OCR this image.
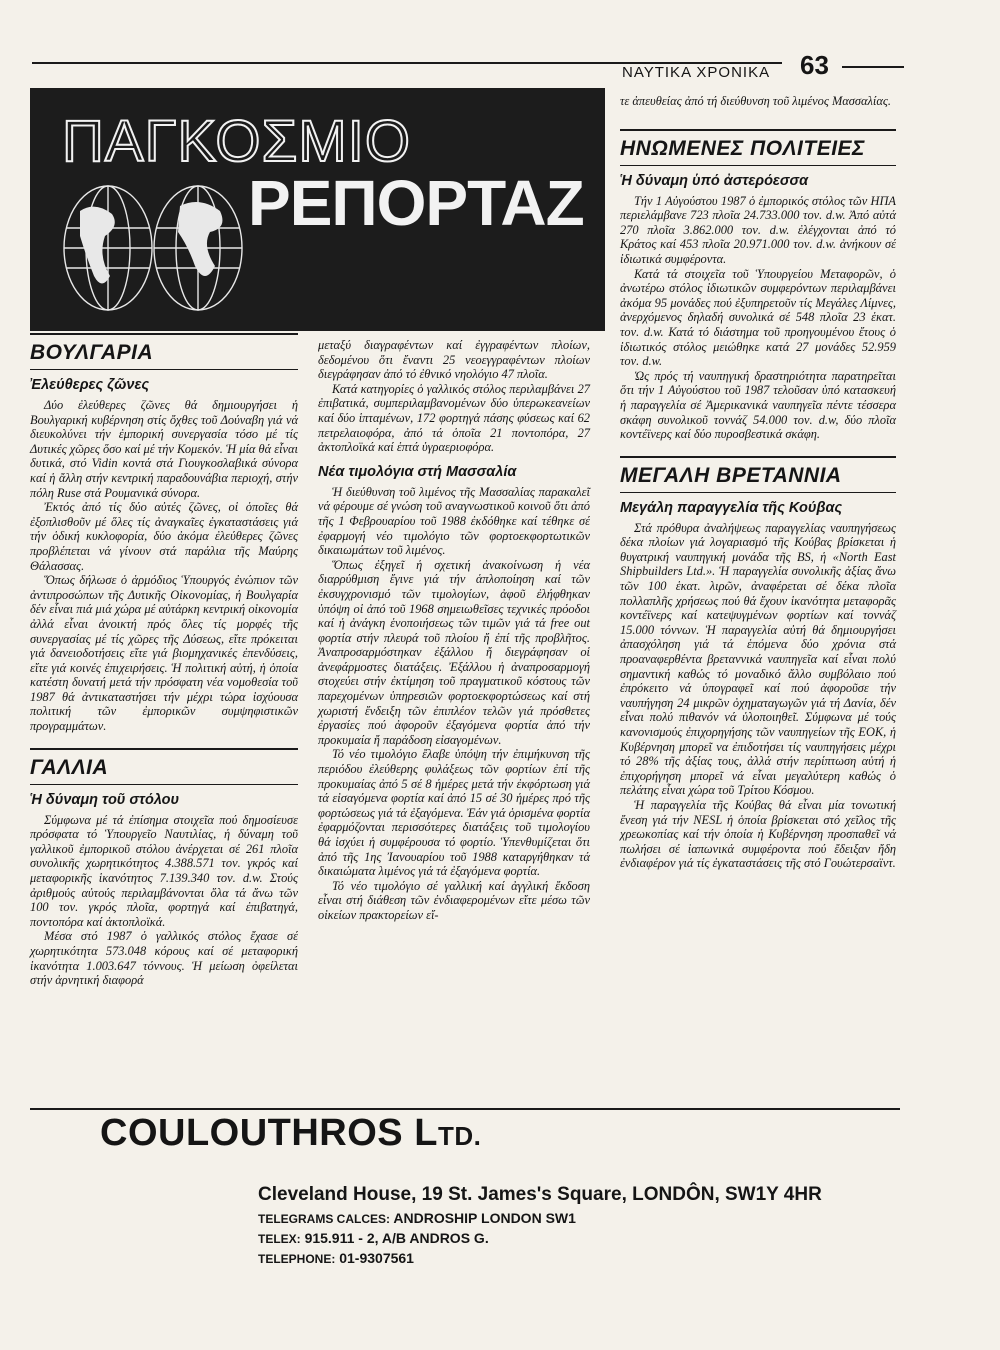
ΝΑΥΤΙΚΑ ΧΡΟΝΙΚΑ 63
ΠΑΓΚΟΣΜΙΟ
ΡΕΠΟΡΤΑΖ
ΒΟΥΛΓΑΡΙΑ
Ἐλεύθερες ζῶνες

Δύο ἐλεύθερες ζῶνες θά δημιουργήσει ἡ Βουλγαρική κυβέρνηση στίς ὄχθες τοῦ Δούναβη γιά νά διευκολύνει τήν ἐμπορική συνεργασία τόσο μέ τίς Δυτικές χῶρες ὅσο καί μέ τήν Κομεκόν. Ἡ μία θά εἶναι δυτικά, στό Vidin κοντά στά Γιουγκοσλαβικά σύνορα καί ἡ ἄλλη στήν κεντρική παραδουνάβια περιοχή, στήν πόλη Ruse στά Ρουμανικά σύνορα.

Ἐκτός ἀπό τίς δύο αὐτές ζῶνες, οἱ ὁποῖες θά ἐξοπλισθοῦν μέ ὅλες τίς ἀναγκαῖες ἐγκαταστάσεις γιά τήν ὁδική κυκλοφορία, δύο ἀκόμα ἐλεύθερες ζῶνες προβλέπεται νά γίνουν στά παράλια τῆς Μαύρης Θάλασσας.

Ὅπως δήλωσε ὁ ἁρμόδιος Ὑπουργός ἐνώπιον τῶν ἀντιπροσώπων τῆς Δυτικῆς Οἰκονομίας, ἡ Βουλγαρία δέν εἶναι πιά μιά χώρα μέ αὐτάρκη κεντρική οἰκονομία ἀλλά εἶναι ἀνοικτή πρός ὅλες τίς μορφές τῆς συνεργασίας μέ τίς χῶρες τῆς Δύσεως, εἴτε πρόκειται γιά δανειοδοτήσεις εἴτε γιά βιομηχανικές ἐπενδύσεις, εἴτε γιά κοινές ἐπιχειρήσεις. Ἡ πολιτική αὐτή, ἡ ὁποία κατέστη δυνατή μετά τήν πρόσφατη νέα νομοθεσία τοῦ 1987 θά ἀντικαταστήσει τήν μέχρι τώρα ἰσχύουσα πολιτική τῶν ἐμπορικῶν συμψηφιστικῶν προγραμμάτων.

ΓΑΛΛΙΑ
Ἡ δύναμη τοῦ στόλου

Σύμφωνα μέ τά ἐπίσημα στοιχεῖα πού δημοσίευσε πρόσφατα τό Ὑπουργεῖο Ναυτιλίας, ἡ δύναμη τοῦ γαλλικοῦ ἐμπορικοῦ στόλου ἀνέρχεται σέ 261 πλοῖα συνολικῆς χωρητικότητος 4.388.571 τον. γκρός καί μεταφορικῆς ἱκανότητος 7.139.340 τον. d.w. Στούς ἀριθμούς αὐτούς περιλαμβάνονται ὅλα τά ἄνω τῶν 100 τον. γκρός πλοῖα, φορτηγά καί ἐπιβατηγά, ποντοπόρα καί ἀκτοπλοϊκά.

Μέσα στό 1987 ὁ γαλλικός στόλος ἔχασε σέ χωρητικότητα 573.048 κόρους καί σέ μεταφορική ἱκανότητα 1.003.647 τόννους. Ἡ μείωση ὀφείλεται στήν ἀρνητική διαφορά

μεταξύ διαγραφέντων καί ἐγγραφέντων πλοίων, δεδομένου ὅτι ἔναντι 25 νεοεγγραφέντων πλοίων διεγράφησαν ἀπό τό ἐθνικό νηολόγιο 47 πλοῖα.

Κατά κατηγορίες ὁ γαλλικός στόλος περιλαμβάνει 27 ἐπιβατικά, συμπεριλαμβανομένων δύο ὑπερωκεανείων καί δύο ἱπταμένων, 172 φορτηγά πάσης φύσεως καί 62 πετρελαιοφόρα, ἀπό τά ὁποῖα 21 ποντοπόρα, 27 ἀκτοπλοϊκά καί ἑπτά ὑγραεριοφόρα.

Νέα τιμολόγια στή Μασσαλία

Ἡ διεύθυνση τοῦ λιμένος τῆς Μασσαλίας παρακαλεῖ νά φέρουμε σέ γνώση τοῦ αναγνωστικοῦ κοινοῦ ὅτι ἀπό τῆς 1 Φεβρουαρίου τοῦ 1988 ἐκδόθηκε καί τέθηκε σέ ἐφαρμογή νέο τιμολόγιο τῶν φορτοεκφορτωτικῶν δικαιωμάτων τοῦ λιμένος.

Ὅπως ἐξηγεῖ ἡ σχετική ἀνακοίνωση ἡ νέα διαρρύθμιση ἔγινε γιά τήν ἁπλοποίηση καί τῶν ἐκσυγχρονισμό τῶν τιμολογίων, ἀφοῦ ἐλήφθηκαν ὑπόψη οἱ ἀπό τοῦ 1968 σημειωθεῖσες τεχνικές πρόοδοι καί ἡ ἀνάγκη ἑνοποιήσεως τῶν τιμῶν γιά τά free out φορτία στήν πλευρά τοῦ πλοίου ἤ ἐπί τῆς προβλῆτος. Ἀναπροσαρμόστηκαν ἐξάλλου ἤ διεγράφησαν οἱ ἀνεφάρμοστες διατάξεις. Ἐξάλλου ἡ ἀναπροσαρμογή στοχεύει στήν ἐκτίμηση τοῦ πραγματικοῦ κόστους τῶν παρεχομένων ὑπηρεσιῶν φορτοεκφορτώσεως καί στή χωριστή ἔνδειξη τῶν ἐπιπλέον τελῶν γιά πρόσθετες ἐργασίες πού ἀφοροῦν ἐξαγόμενα φορτία ἀπό τήν προκυμαία ἤ παράδοση εἰσαγομένων.

Τό νέο τιμολόγιο ἔλαβε ὑπόψη τήν ἐπιμήκυνση τῆς περιόδου ἐλεύθερης φυλάξεως τῶν φορτίων ἐπί τῆς προκυμαίας ἀπό 5 σέ 8 ἡμέρες μετά τήν ἐκφόρτωση γιά τά εἰσαγόμενα φορτία καί ἀπό 15 σέ 30 ἡμέρες πρό τῆς φορτώσεως γιά τά ἐξαγόμενα. Ἐάν γιά ὁρισμένα φορτία ἐφαρμόζονται περισσότερες διατάξεις τοῦ τιμολογίου θά ἰσχύει ἡ συμφέρουσα τό φορτίο. Ὑπενθυμίζεται ὅτι ἀπό τῆς 1ης Ἰανουαρίου τοῦ 1988 καταργήθηκαν τά δικαιώματα λιμένος γιά τά ἐξαγόμενα φορτία.

Τό νέο τιμολόγιο σέ γαλλική καί ἀγγλική ἔκδοση εἶναι στή διάθεση τῶν ἐνδιαφερομένων εἴτε μέσω τῶν οἰκείων πρακτορείων εἴ-

τε ἀπευθείας ἀπό τή διεύθυνση τοῦ λιμένος Μασσαλίας.

ΗΝΩΜΕΝΕΣ ΠΟΛΙΤΕΙΕΣ
Ἡ δύναμη ὑπό ἀστερόεσσα

Τήν 1 Αὐγούστου 1987 ὁ ἐμπορικός στόλος τῶν ΗΠΑ περιελάμβανε 723 πλοῖα 24.733.000 τον. d.w. Ἀπό αὐτά 270 πλοῖα 3.862.000 τον. d.w. ἐλέγχονται ἀπό τό Κράτος καί 453 πλοῖα 20.971.000 τον. d.w. ἀνήκουν σέ ἰδιωτικά συμφέροντα.

Κατά τά στοιχεῖα τοῦ Ὑπουργείου Μεταφορῶν, ὁ ἀνωτέρω στόλος ἰδιωτικῶν συμφερόντων περιλαμβάνει ἀκόμα 95 μονάδες πού ἐξυπηρετοῦν τίς Μεγάλες Λίμνες, ἀνερχόμενος δηλαδή συνολικά σέ 548 πλοῖα 23 ἑκατ. τον. d.w. Κατά τό διάστημα τοῦ προηγουμένου ἔτους ὁ ἰδιωτικός στόλος μειώθηκε κατά 27 μονάδες 52.959 τον. d.w.

Ὡς πρός τή ναυπηγική δραστηριότητα παρατηρεῖται ὅτι τήν 1 Αὐγούστου τοῦ 1987 τελοῦσαν ὑπό κατασκευή ἡ παραγγελία σέ Ἀμερικανικά ναυπηγεῖα πέντε τέσσερα σκάφη συνολικοῦ τοννάζ 54.000 τον. d.w, δύο πλοῖα κοντέϊνερς καί δύο πυροσβεστικά σκάφη.

ΜΕΓΑΛΗ ΒΡΕΤΑΝΝΙΑ
Μεγάλη παραγγελία τῆς Κούβας

Στά πρόθυρα ἀναλήψεως παραγγελίας ναυπηγήσεως δέκα πλοίων γιά λογαριασμό τῆς Κούβας βρίσκεται ἡ θυγατρική ναυπηγική μονάδα τῆς BS, ἡ «North East Shipbuilders Ltd.». Ἡ παραγγελία συνολικῆς ἀξίας ἄνω τῶν 100 ἑκατ. λιρῶν, ἀναφέρεται σέ δέκα πλοῖα πολλαπλῆς χρήσεως πού θά ἔχουν ἱκανότητα μεταφορᾶς κοντέϊνερς καί κατεψυγμένων φορτίων καί τοννάζ 15.000 τόννων. Ἡ παραγγελία αὐτή θά δημιουργήσει ἀπασχόληση γιά τά ἑπόμενα δύο χρόνια στά προαναφερθέντα βρεταννικά ναυπηγεῖα καί εἶναι πολύ σημαντική καθώς τό μοναδικό ἄλλο συμβόλαιο πού ἐπρόκειτο νά ὑπογραφεῖ καί πού ἀφοροῦσε τήν ναυπήγηση 24 μικρῶν ὀχηματαγωγῶν γιά τή Δανία, δέν εἶναι πολύ πιθανόν νά ὑλοποιηθεῖ. Σύμφωνα μέ τούς κανονισμούς ἐπιχορηγήσης τῶν ναυπηγείων τῆς ΕΟΚ, ἡ Κυβέρνηση μπορεῖ να ἐπιδοτήσει τίς ναυπηγήσεις μέχρι τό 28% τῆς ἀξίας τους, ἀλλά στήν περίπτωση αὐτή ἡ ἐπιχορήγηση μπορεῖ νά εἶναι μεγαλύτερη καθώς ὁ πελάτης εἶναι χώρα τοῦ Τρίτου Κόσμου.

Ἡ παραγγελία τῆς Κούβας θά εἶναι μία τονωτική ἔνεση γιά τήν NESL ἡ ὁποία βρίσκεται στό χεῖλος τῆς χρεωκοπίας καί τήν ὁποία ἡ Κυβέρνηση προσπαθεῖ νά πωλήσει σέ ἰαπωνικά συμφέροντα πού ἔδειξαν ἤδη ἐνδιαφέρον γιά τίς ἐγκαταστάσεις τῆς στό Γουώτερσαϊντ.

COULOUTHROS LTD.
Cleveland House, 19 St. James's Square, LONDÔN, SW1Y 4HR
TELEGRAMS CALCES: ANDROSHIP LONDON SW1
TELEX: 915.911 - 2, A/B ANDROS G.
TELEPHONE: 01-9307561
